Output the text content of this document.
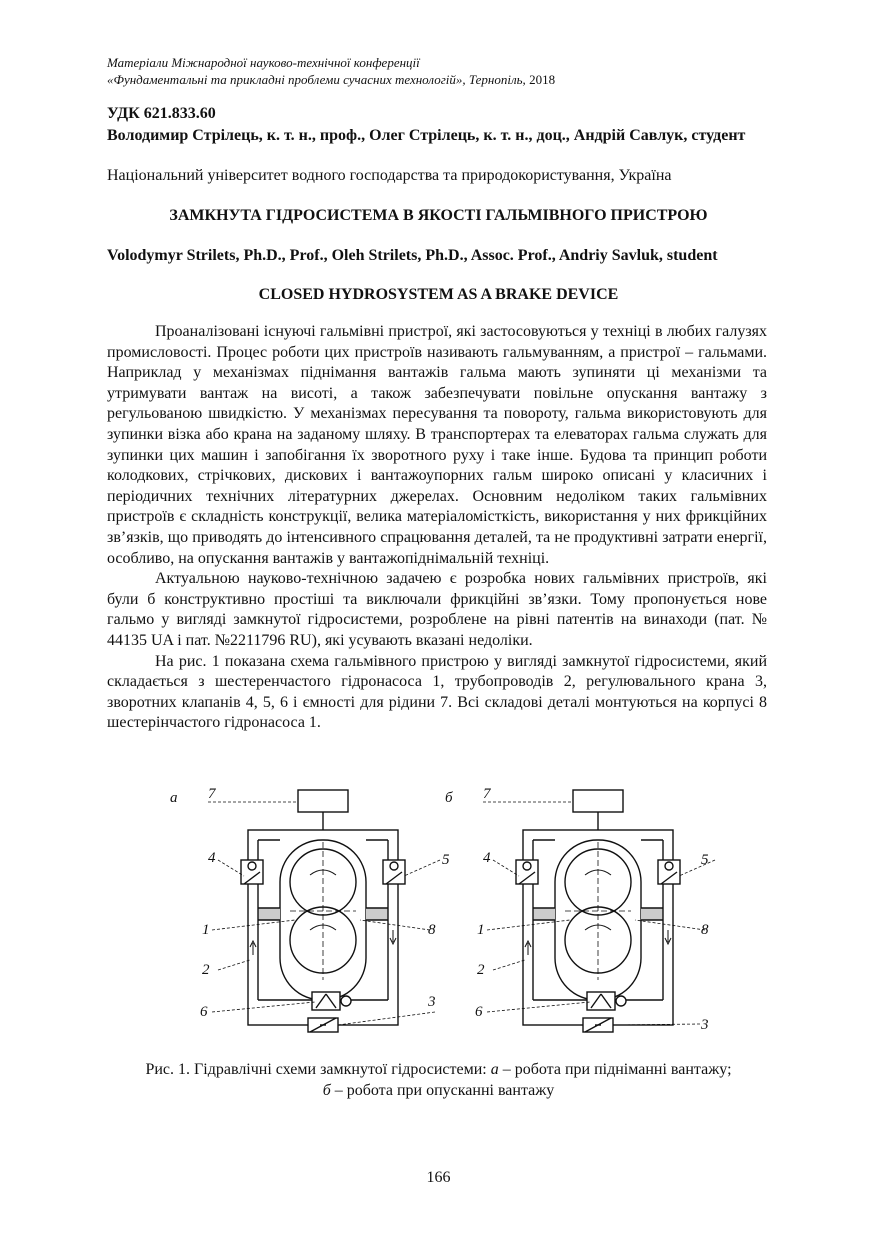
Матеріали Міжнародної науково-технічної конференції
«Фундаментальні та прикладні проблеми сучасних технологій», Тернопіль, 2018
УДК 621.833.60
Володимир Стрілець, к. т. н., проф., Олег Стрілець, к. т. н., доц., Андрій Савлук, студент
Національний університет водного господарства та природокористування, Україна
ЗАМКНУТА ГІДРОСИСТЕМА В ЯКОСТІ ГАЛЬМІВНОГО ПРИСТРОЮ
Volodymyr Strilets, Ph.D., Prof., Oleh Strilets, Ph.D., Assoc. Prof., Andriy Savluk, student
CLOSED HYDROSYSTEM AS A BRAKE DEVICE

Проаналізовані існуючі гальмівні пристрої, які застосовуються у техніці в любих галузях промисловості. Процес роботи цих пристроїв називають гальмуванням, а пристрої – гальмами. Наприклад у механізмах піднімання вантажів гальма мають зупиняти ці механізми та утримувати вантаж на висоті, а також забезпечувати повільне опускання вантажу з регульованою швидкістю. У механізмах пересування та повороту, гальма використовують для зупинки візка або крана на заданому шляху. В транспортерах та елеваторах гальма служать для зупинки цих машин і запобігання їх зворотного руху і таке інше. Будова та принцип роботи колодкових, стрічкових, дискових і вантажоупорних гальм широко описані у класичних і періодичних технічних літературних джерелах. Основним недоліком таких гальмівних пристроїв є складність конструкції, велика матеріаломісткість, використання у них фрикційних зв’язків, що приводять до інтенсивного спрацювання деталей, та не продуктивні затрати енергії, особливо, на опускання вантажів у вантажопіднімальній техніці.

Актуальною науково-технічною задачею є розробка нових гальмівних пристроїв, які були б конструктивно простіші та виключали фрикційні зв’язки. Тому пропонується нове гальмо у вигляді замкнутої гідросистеми, розроблене на рівні патентів на винаходи (пат. № 44135 UA і пат. №2211796 RU), які усувають вказані недоліки.

На рис. 1 показана схема гальмівного пристрою у вигляді замкнутої гідросистеми, який складається з шестеренчастого гідронасоса 1, трубопроводів 2, регулювального крана 3, зворотних клапанів 4, 5, 6 і ємності для рідини 7. Всі складові деталі монтуються на корпусі 8 шестерінчастого гідронасоса 1.

а 7
4	5
1	8
2
6
3
б 7
4	5
1	8
2
6
3
Рис. 1. Гідравлічні схеми замкнутої гідросистеми: а – робота при підніманні вантажу;
б – робота при опусканні вантажу
166
